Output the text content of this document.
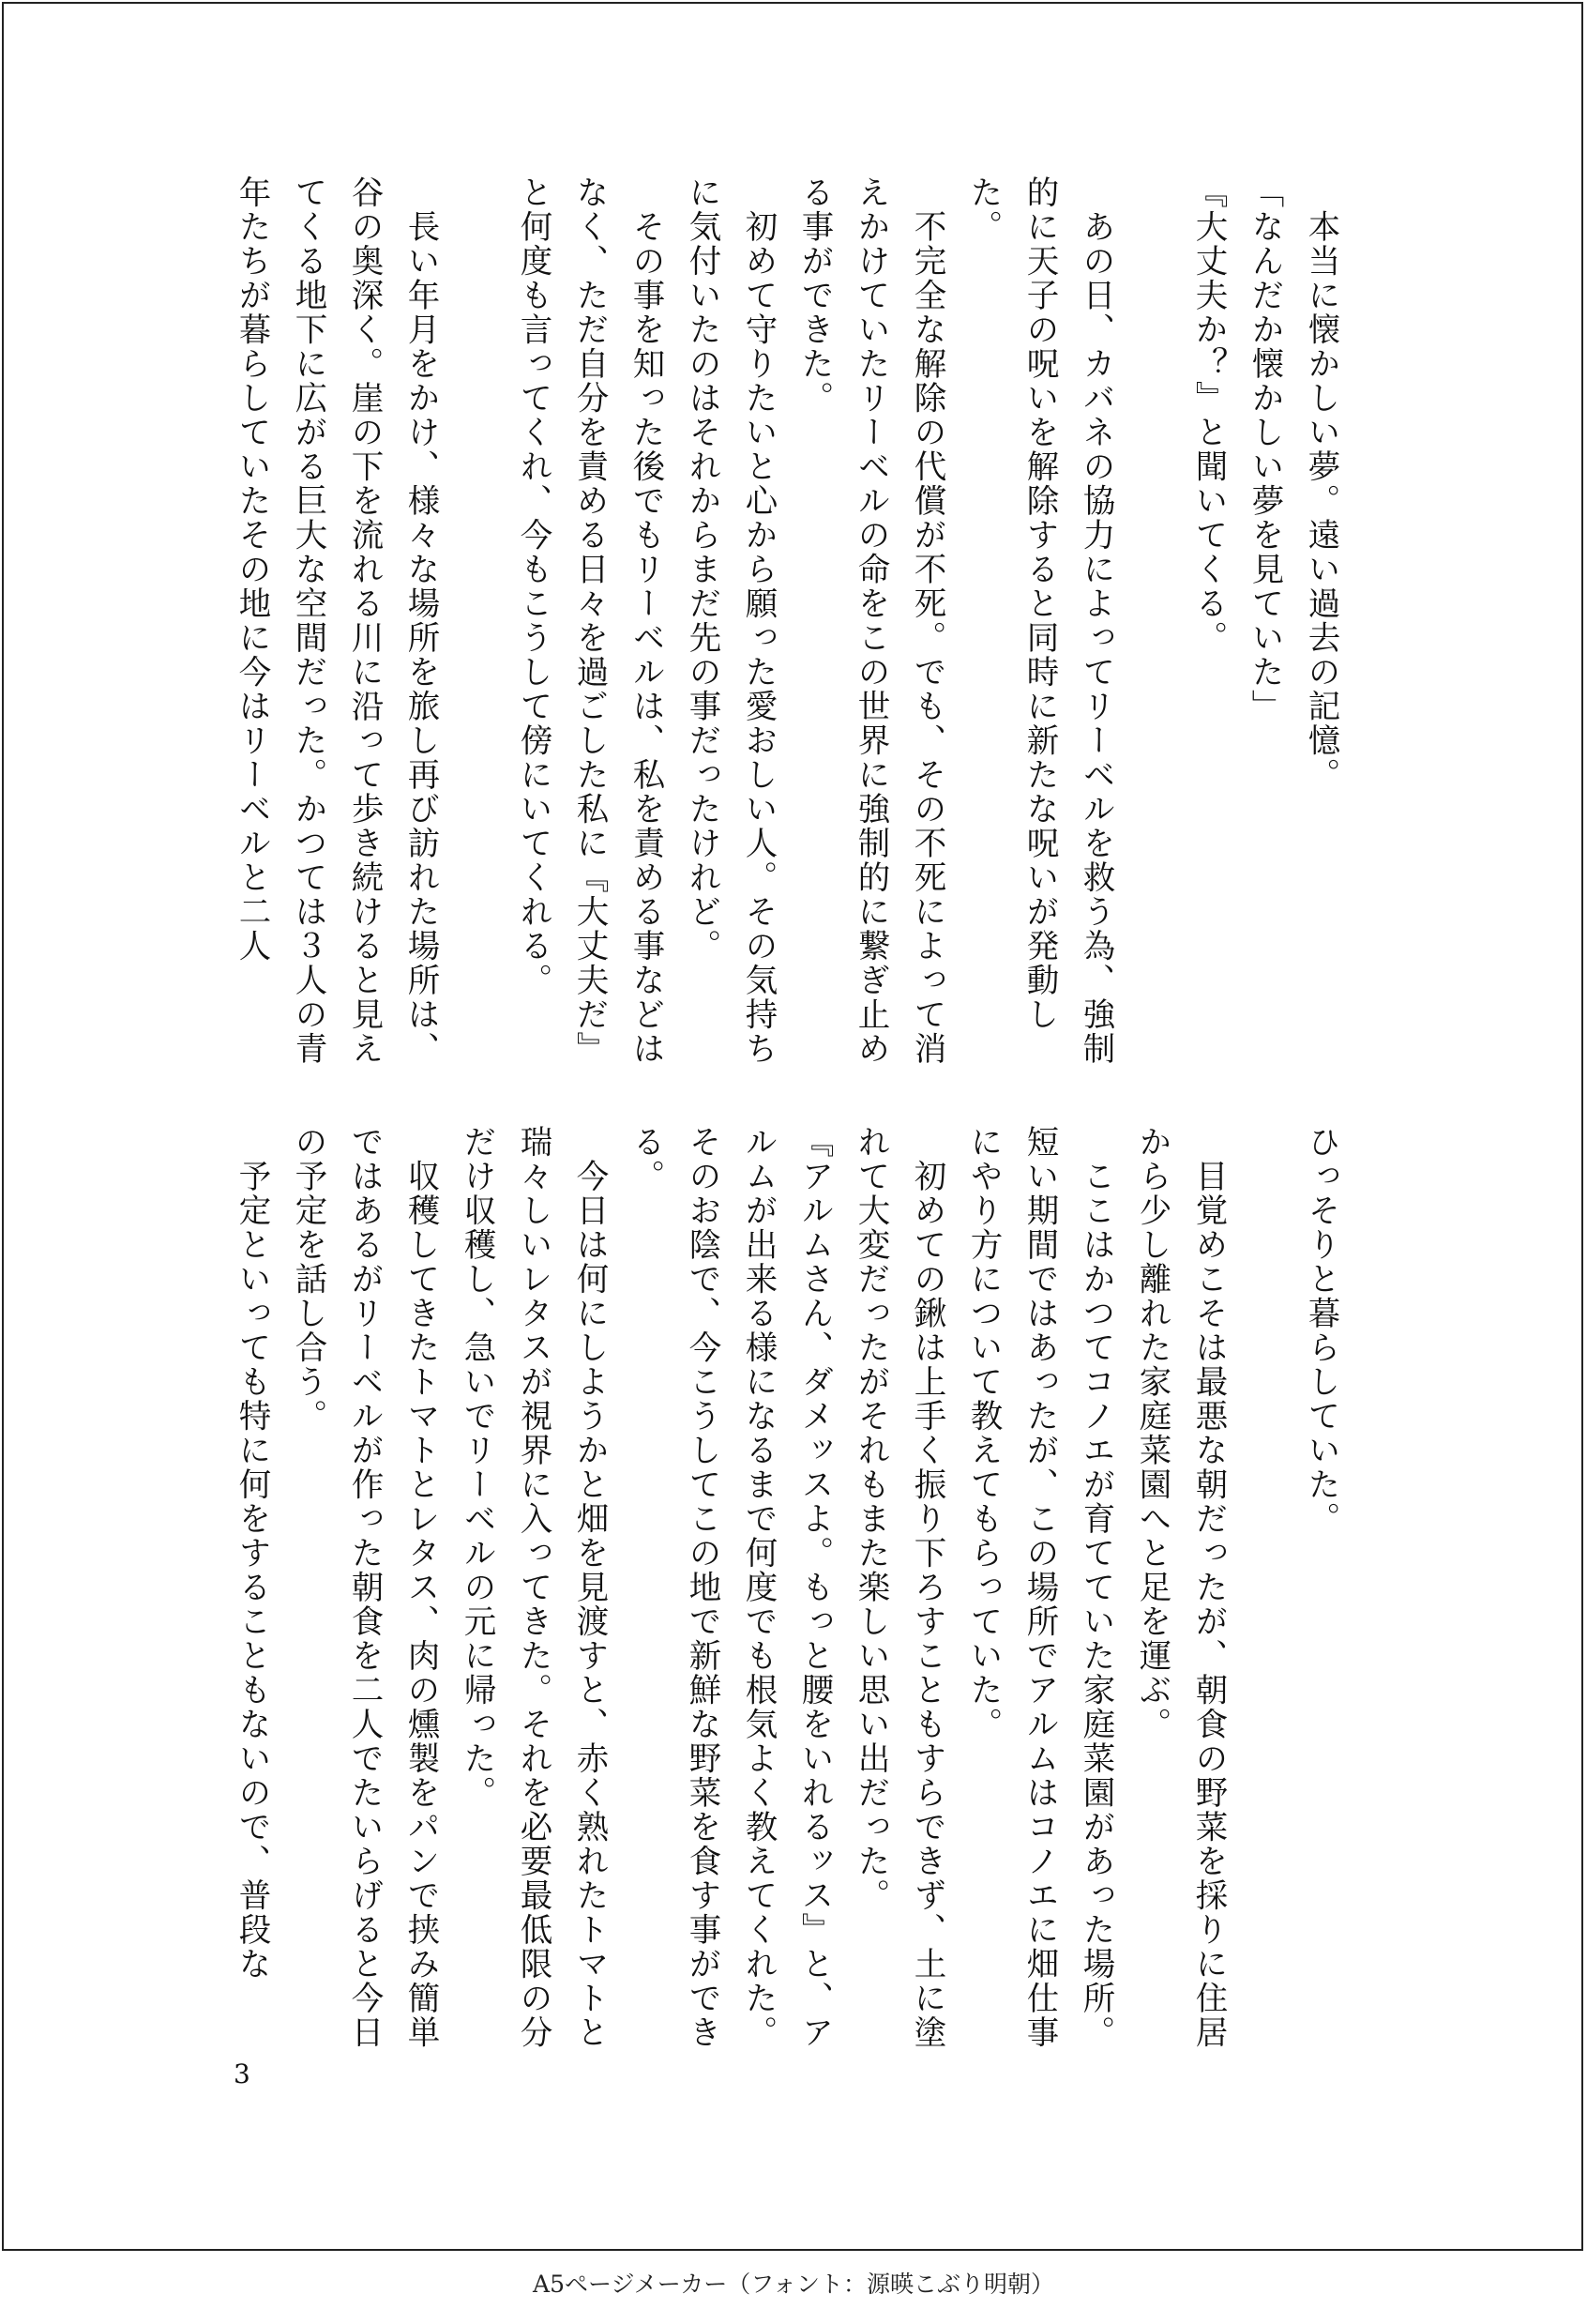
　本当に懐かしい夢。遠い過去の記憶。

「なんだか懐かしい夢を見ていた」

『大丈夫か？』と聞いてくる。

　あの日、カバネの協力によってリーベルを救う為、強制的に天子の呪いを解除すると同時に新たな呪いが発動した。

　不完全な解除の代償が不死。でも、その不死によって消えかけていたリーベルの命をこの世界に強制的に繋ぎ止める事ができた。

　初めて守りたいと心から願った愛おしい人。その気持ちに気付いたのはそれからまだ先の事だったけれど。

　その事を知った後でもリーベルは、私を責める事などはなく、ただ自分を責める日々を過ごした私に『大丈夫だ』と何度も言ってくれ、今もこうして傍にいてくれる。

　長い年月をかけ、様々な場所を旅し再び訪れた場所は、谷の奥深く。崖の下を流れる川に沿って歩き続けると見えてくる地下に広がる巨大な空間だった。かつては３人の青年たちが暮らしていたその地に今はリーベルと二人

ひっそりと暮らしていた。

　目覚めこそは最悪な朝だったが、朝食の野菜を採りに住居から少し離れた家庭菜園へと足を運ぶ。

　ここはかつてコノエが育てていた家庭菜園があった場所。短い期間ではあったが、この場所でアルムはコノエに畑仕事にやり方について教えてもらっていた。

　初めての鍬は上手く振り下ろすこともすらできず、土に塗れて大変だったがそれもまた楽しい思い出だった。

『アルムさん、ダメッスよ。もっと腰をいれるッス』と、アルムが出来る様になるまで何度でも根気よく教えてくれた。そのお陰で、今こうしてこの地で新鮮な野菜を食す事ができる。

　今日は何にしようかと畑を見渡すと、赤く熟れたトマトと瑞々しいレタスが視界に入ってきた。それを必要最低限の分だけ収穫し、急いでリーベルの元に帰った。

　収穫してきたトマトとレタス、肉の燻製をパンで挟み簡単ではあるがリーベルが作った朝食を二人でたいらげると今日の予定を話し合う。

　予定といっても特に何をすることもないので、普段な

3
A5ページメーカー（フォント：源暎こぶり明朝）
